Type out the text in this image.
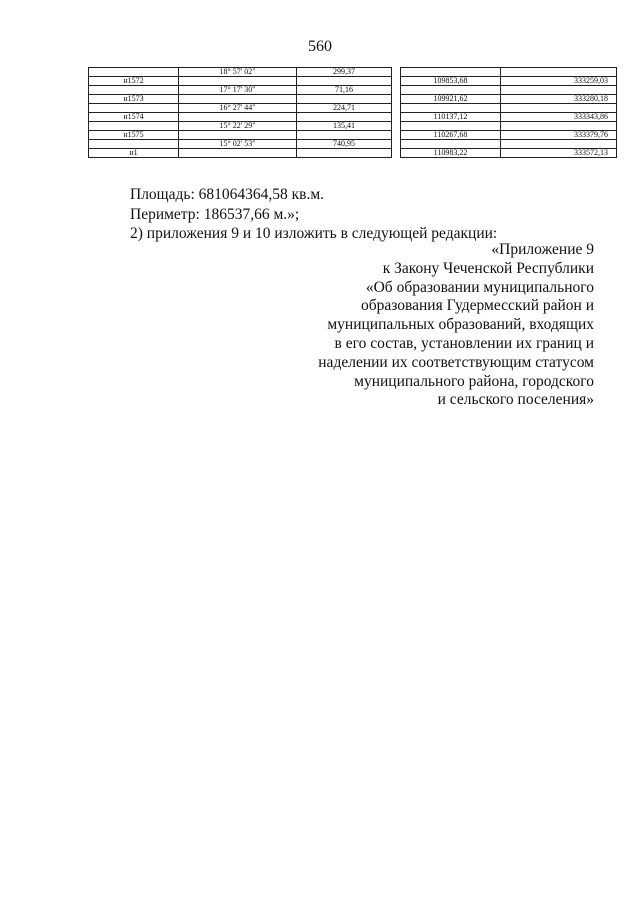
560
	18° 57' 02"	299,37			
н1572				109853,68	333259,03
	17° 17' 30"	71,16			
н1573				109921,62	333280,18
	16° 27' 44"	224,71			
н1574				110137,12	333343,86
	15° 22' 29"	135,41			
н1575				110267,68	333379,76
	15° 02' 53"	740,95			
н1				110983,22	333572,13
Площадь: 681064364,58 кв.м.
Периметр: 186537,66 м.»;
2) приложения 9 и 10 изложить в следующей редакции:
«Приложение 9
к Закону Чеченской Республики
«Об образовании муниципального
образования Гудермесский район и
муниципальных образований, входящих
в его состав, установлении их границ и
наделении их соответствующим статусом
муниципального района, городского
и сельского поселения»
